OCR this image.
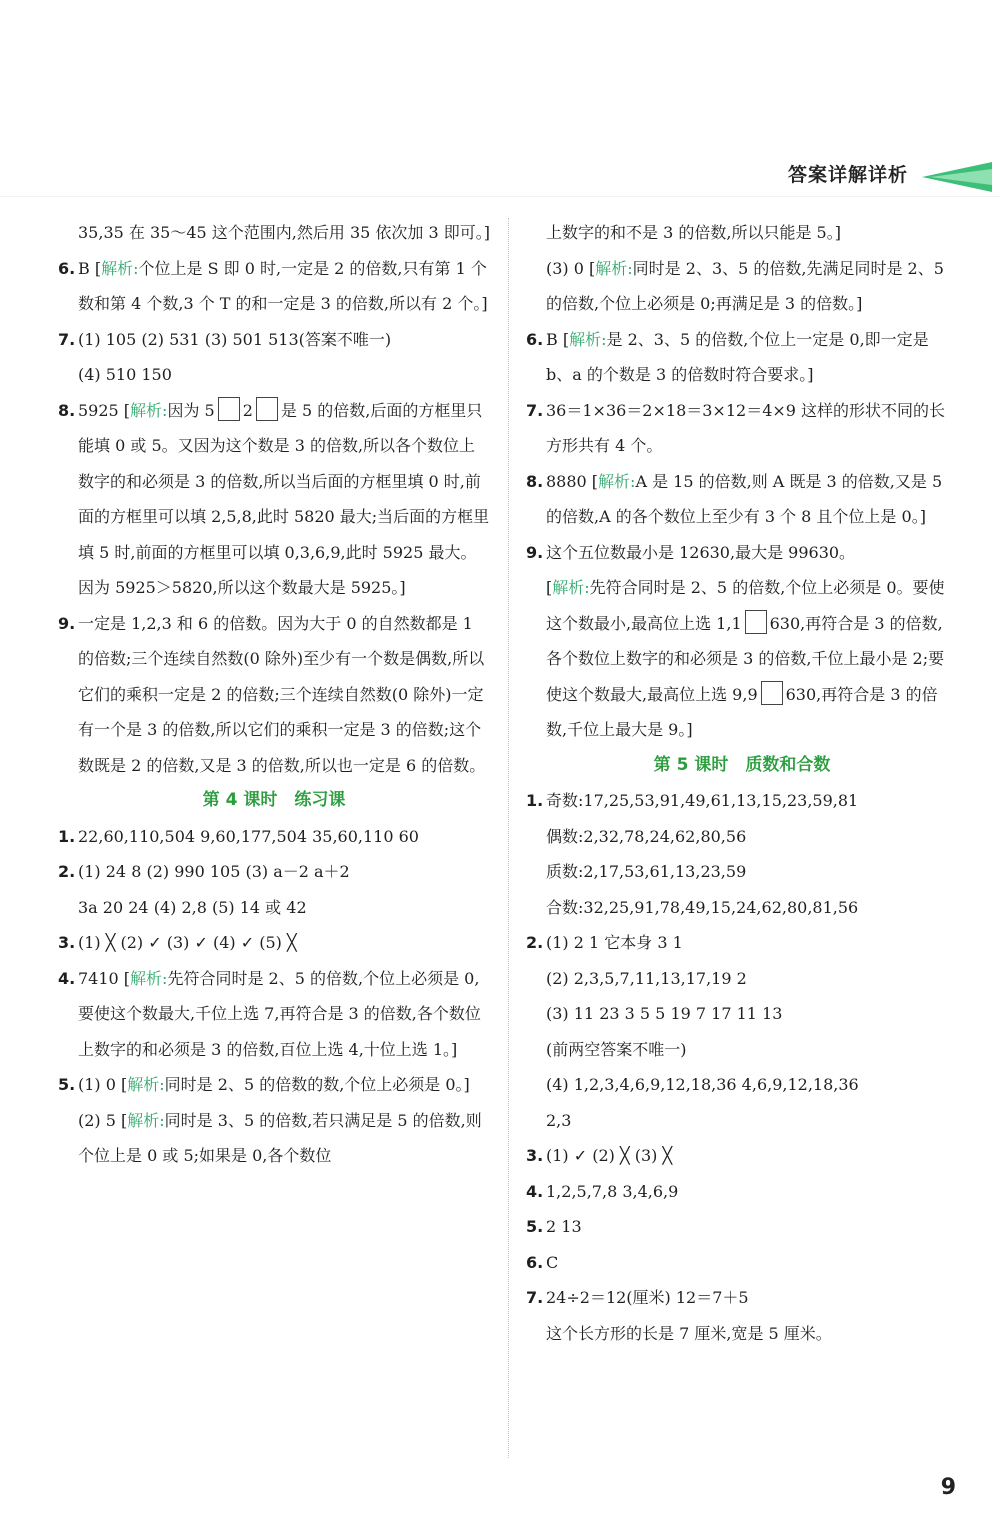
答案详解详析
35,35 在 35～45 这个范围内,然后用 35 依次加 3 即可。]
6. B [解析:个位上是 S 即 0 时,一定是 2 的倍数,只有第 1 个数和第 4 个数,3 个 T 的和一定是 3 的倍数,所以有 2 个。]
7. (1) 105 (2) 531 (3) 501 513(答案不唯一)
(4) 510 150
8. 5925 [解析:因为 5 2 是 5 的倍数,后面的方框里只能填 0 或 5。又因为这个数是 3 的倍数,所以各个数位上数字的和必须是 3 的倍数,所以当后面的方框里填 0 时,前面的方框里可以填 2,5,8,此时 5820 最大;当后面的方框里填 5 时,前面的方框里可以填 0,3,6,9,此时 5925 最大。因为 5925＞5820,所以这个数最大是 5925。]
9. 一定是 1,2,3 和 6 的倍数。因为大于 0 的自然数都是 1 的倍数;三个连续自然数(0 除外)至少有一个数是偶数,所以它们的乘积一定是 2 的倍数;三个连续自然数(0 除外)一定有一个是 3 的倍数,所以它们的乘积一定是 3 的倍数;这个数既是 2 的倍数,又是 3 的倍数,所以也一定是 6 的倍数。
第 4 课时　练习课
1. 22,60,110,504 9,60,177,504 35,60,110 60
2. (1) 24 8 (2) 990 105 (3) a－2 a＋2
3a 20 24 (4) 2,8 (5) 14 或 42
3. (1) ╳ (2) ✓ (3) ✓ (4) ✓ (5) ╳
4. 7410 [解析:先符合同时是 2、5 的倍数,个位上必须是 0,要使这个数最大,千位上选 7,再符合是 3 的倍数,各个数位上数字的和必须是 3 的倍数,百位上选 4,十位上选 1。]
5. (1) 0 [解析:同时是 2、5 的倍数的数,个位上必须是 0。]
(2) 5 [解析:同时是 3、5 的倍数,若只满足是 5 的倍数,则个位上是 0 或 5;如果是 0,各个数位
上数字的和不是 3 的倍数,所以只能是 5。]
(3) 0 [解析:同时是 2、3、5 的倍数,先满足同时是 2、5 的倍数,个位上必须是 0;再满足是 3 的倍数。]
6. B [解析:是 2、3、5 的倍数,个位上一定是 0,即一定是 b、a 的个数是 3 的倍数时符合要求。]
7. 36＝1×36＝2×18＝3×12＝4×9 这样的形状不同的长方形共有 4 个。
8. 8880 [解析:A 是 15 的倍数,则 A 既是 3 的倍数,又是 5 的倍数,A 的各个数位上至少有 3 个 8 且个位上是 0。]
9. 这个五位数最小是 12630,最大是 99630。
[解析:先符合同时是 2、5 的倍数,个位上必须是 0。要使这个数最小,最高位上选 1,1 630,再符合是 3 的倍数,各个数位上数字的和必须是 3 的倍数,千位上最小是 2;要使这个数最大,最高位上选 9,9 630,再符合是 3 的倍数,千位上最大是 9。]
第 5 课时　质数和合数
1. 奇数:17,25,53,91,49,61,13,15,23,59,81
偶数:2,32,78,24,62,80,56
质数:2,17,53,61,13,23,59
合数:32,25,91,78,49,15,24,62,80,81,56
2. (1) 2 1 它本身 3 1
(2) 2,3,5,7,11,13,17,19 2
(3) 11 23 3 5 5 19 7 17 11 13
(前两空答案不唯一)
(4) 1,2,3,4,6,9,12,18,36 4,6,9,12,18,36
2,3
3. (1) ✓ (2) ╳ (3) ╳
4. 1,2,5,7,8 3,4,6,9
5. 2 13
6. C
7. 24÷2＝12(厘米) 12＝7＋5
这个长方形的长是 7 厘米,宽是 5 厘米。
9
